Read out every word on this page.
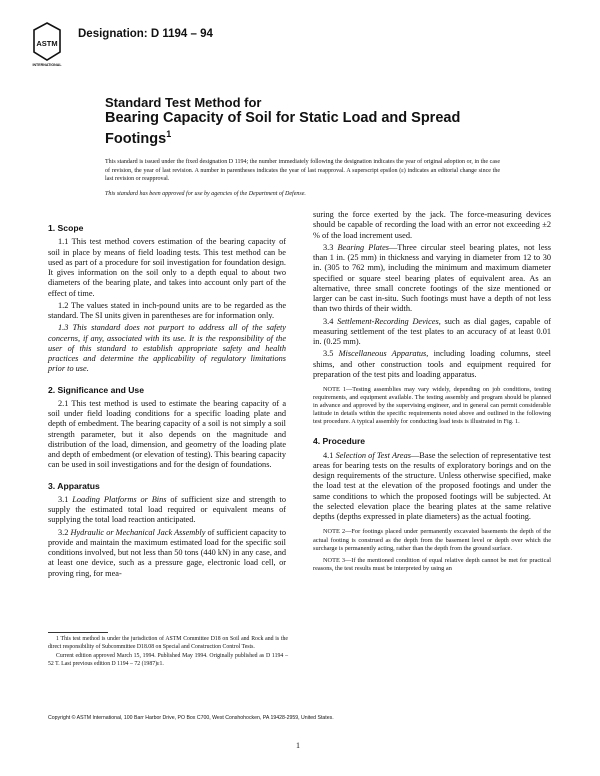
ASTM
INTERNATIONAL
Designation: D 1194 – 94
Standard Test Method for
Bearing Capacity of Soil for Static Load and Spread
Footings$^1$
This standard is issued under the fixed designation D 1194; the number immediately following the designation indicates the year of original adoption or, in the case of revision, the year of last revision. A number in parentheses indicates the year of last reapproval. A superscript epsilon (ε) indicates an editorial change since the last revision or reapproval.
This standard has been approved for use by agencies of the Department of Defense.
1. Scope

1.1 This test method covers estimation of the bearing capacity of soil in place by means of field loading tests. This test method can be used as part of a procedure for soil investigation for foundation design. It gives information on the soil only to a depth equal to about two diameters of the bearing plate, and takes into account only part of the effect of time.

1.2 The values stated in inch-pound units are to be regarded as the standard. The SI units given in parentheses are for information only.

1.3 This standard does not purport to address all of the safety concerns, if any, associated with its use. It is the responsibility of the user of this standard to establish appropriate safety and health practices and determine the applicability of regulatory limitations prior to use.

2. Significance and Use

2.1 This test method is used to estimate the bearing capacity of a soil under field loading conditions for a specific loading plate and depth of embedment. The bearing capacity of a soil is not simply a soil strength parameter, but it also depends on the magnitude and distribution of the load, dimension, and geometry of the loading plate and depth of embedment (or elevation of testing). This bearing capacity can be used in soil investigations and for the design of foundations.

3. Apparatus

3.1 Loading Platforms or Bins of sufficient size and strength to supply the estimated total load required or equivalent means of supplying the total load reaction anticipated.

3.2 Hydraulic or Mechanical Jack Assembly of sufficient capacity to provide and maintain the maximum estimated load for the specific soil conditions involved, but not less than 50 tons (440 kN) in any case, and at least one device, such as a pressure gage, electronic load cell, or proving ring, for mea-

suring the force exerted by the jack. The force-measuring devices should be capable of recording the load with an error not exceeding ±2 % of the load increment used.

3.3 Bearing Plates—Three circular steel bearing plates, not less than 1 in. (25 mm) in thickness and varying in diameter from 12 to 30 in. (305 to 762 mm), including the minimum and maximum diameter specified or square steel bearing plates of equivalent area. As an alternative, three small concrete footings of the size mentioned or larger can be cast in-situ. Such footings must have a depth of not less than two thirds of their width.

3.4 Settlement-Recording Devices, such as dial gages, capable of measuring settlement of the test plates to an accuracy of at least 0.01 in. (0.25 mm).

3.5 Miscellaneous Apparatus, including loading columns, steel shims, and other construction tools and equipment required for preparation of the test pits and loading apparatus.

NOTE 1—Testing assemblies may vary widely, depending on job conditions, testing requirements, and equipment available. The testing assembly and program should be planned in advance and approved by the supervising engineer, and in general can permit considerable latitude in details within the specific requirements noted above and outlined in the following test procedure. A typical assembly for conducting load tests is illustrated in Fig. 1.

4. Procedure

4.1 Selection of Test Areas—Base the selection of representative test areas for bearing tests on the results of exploratory borings and on the design requirements of the structure. Unless otherwise specified, make the load test at the elevation of the proposed footings and under the same conditions to which the proposed footings will be subjected. At the selected elevation place the bearing plates at the same relative depths (depths expressed in plate diameters) as the actual footing.

NOTE 2—For footings placed under permanently excavated basements the depth of the actual footing is construed as the depth from the basement level or depth over which the surcharge is permanently acting, rather than the depth from the ground surface.

NOTE 3—If the mentioned condition of equal relative depth cannot be met for practical reasons, the test results must be interpreted by using an

1 This test method is under the jurisdiction of ASTM Committee D18 on Soil and Rock and is the direct responsibility of Subcommittee D18.08 on Special and Construction Control Tests.

Current edition approved March 15, 1994. Published May 1994. Originally published as D 1194 – 52 T. Last previous edition D 1194 – 72 (1987)ε1.

Copyright © ASTM International, 100 Barr Harbor Drive, PO Box C700, West Conshohocken, PA 19428-2959, United States.
1
